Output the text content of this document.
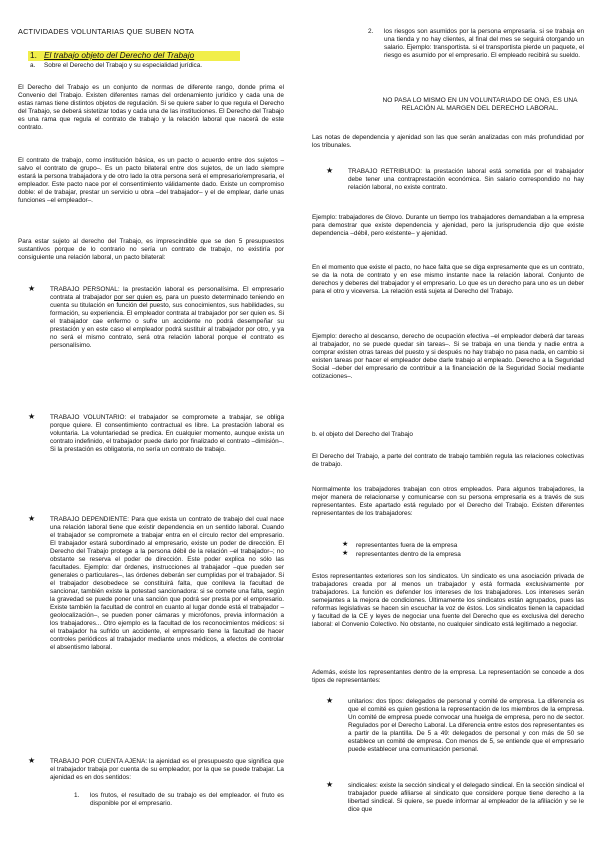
ACTIVIDADES VOLUNTARIAS QUE SUBEN NOTA
1. El trabajo objeto del Derecho del Trabajo
a. Sobre el Derecho del Trabajo y su especialidad jurídica.

El Derecho del Trabajo es un conjunto de normas de diferente rango, donde prima el Convenio del Trabajo. Existen diferentes ramas del ordenamiento jurídico y cada una de estas ramas tiene distintos objetos de regulación. Si se quiere saber lo que regula el Derecho del Trabajo, se deberá sistetizar todas y cada una de las instituciones. El Derecho del Trabajo es una rama que regula el contrato de trabajo y la relación laboral que nacerá de este contrato.

El contrato de trabajo, como institución básica, es un pacto o acuerdo entre dos sujetos –salvo el contrato de grupo–. Es un pacto bilateral entre dos sujetos, de un lado siempre estará la persona trabajadora y de otro lado la otra persona será el empresario/empresaria, el empleador. Este pacto nace por el consentimiento válidamente dado. Existe un compromiso doble: el de trabajar, prestar un servicio u obra –del trabajador– y el de emplear, darle unas funciones –el empleador–.

Para estar sujeto al derecho del Trabajo, es imprescindible que se den 5 presupuestos sustantivos porque de lo contrario no sería un contrato de trabajo, no existiría por consiguiente una relación laboral, un pacto bilateral:

★ TRABAJO PERSONAL: la prestación laboral es personalísima. El empresario contrata al trabajador por ser quien es, para un puesto determinado teniendo en cuenta su titulación en función del puesto, sus conocimientos, sus habilidades, su formación, su experiencia. El empleador contrata al trabajador por ser quien es. Si el trabajador cae enfermo o sufre un accidente no podrá desempeñar su prestación y en este caso el empleador podrá sustituir al trabajador por otro, y ya no será el mismo contrato, será otra relación laboral porque el contrato es personalísimo.

★ TRABAJO VOLUNTARIO: el trabajador se compromete a trabajar, se obliga porque quiere. El consentimiento contractual es libre. La prestación laboral es voluntaria. La voluntariedad se predica. En cualquier momento, aunque exista un contrato indefinido, el trabajador puede darlo por finalizado el contrato –dimisión–. Si la prestación es obligatoria, no sería un contrato de trabajo.

★ TRABAJO DEPENDIENTE: Para que exista un contrato de trabajo del cual nace una relación laboral tiene que existir dependencia en un sentido laboral. Cuando el trabajador se compromete a trabajar entra en el círculo rector del empresario. El trabajador estará subordinado al empresario, existe un poder de dirección. El Derecho del Trabajo protege a la persona débil de la relación –el trabajador–; no obstante se reserva el poder de dirección. Este poder explica no sólo las facultades. Ejemplo: dar órdenes, instrucciones al trabajador –que pueden ser generales o particulares–, las órdenes deberán ser cumplidas por el trabajador. Si el trabajador desobedece se constituirá falta, que conlleva la facultad de sancionar, también existe la potestad sancionadora: si se comete una falta, según la gravedad se puede poner una sanción que podrá ser presta por el empresario. Existe también la facultad de control en cuanto al lugar donde está el trabajador –geolocalización–, se pueden poner cámaras y micrófonos, previa información a los trabajadores... Otro ejemplo es la facultad de los reconocimientos médicos: si el trabajador ha sufrido un accidente, el empresario tiene la facultad de hacer controles periódicos al trabajador mediante unos médicos, a efectos de controlar el absentismo laboral.

★ TRABAJO POR CUENTA AJENA: la ajenidad es el presupuesto que significa que el trabajador trabaja por cuenta de su empleador, por la que se puede trabajar. La ajenidad es en dos sentidos:

1. los frutos, el resultado de su trabajo es del empleador. el fruto es disponible por el empresario.

2. los riesgos son asumidos por la persona empresaria. si se trabaja en una tienda y no hay clientes, al final del mes se seguirá otorgando un salario. Ejemplo: transportista. si el transportista pierde un paquete, el riesgo es asumido por el empresario. El empleado recibirá su sueldo.

NO PASA LO MISMO EN UN VOLUNTARIADO DE ONG, ES UNA RELACIÓN AL MARGEN DEL DERECHO LABORAL.

Las notas de dependencia y ajenidad son las que serán analizadas con más profundidad por los tribunales.

★ TRABAJO RETRIBUIDO: la prestación laboral está sometida por el trabajador debe tener una contraprestación económica. Sin salario correspondido no hay relación laboral, no existe contrato.

Ejemplo: trabajadores de Glovo. Durante un tiempo los trabajadores demandaban a la empresa para demostrar que existe dependencia y ajenidad, pero la jurisprudencia dijo que existe dependencia –débil, pero existente– y ajenidad.

En el momento que existe el pacto, no hace falta que se diga expresamente que es un contrato, se da la nota de contrato y en ese mismo instante nace la relación laboral. Conjunto de derechos y deberes del trabajador y el empresario. Lo que es un derecho para uno es un deber para el otro y viceversa. La relación está sujeta al Derecho del Trabajo.

Ejemplo: derecho al descanso, derecho de ocupación efectiva –el empleador deberá dar tareas al trabajador, no se puede quedar sin tareas–. Si se trabaja en una tienda y nadie entra a comprar existen otras tareas del puesto y si después no hay trabajo no pasa nada, en cambio si existen tareas por hacer el empleador debe darle trabajo al empleado. Derecho a la Seguridad Social –deber del empresario de contribuir a la financiación de la Seguridad Social mediante cotizaciones–.

b. el objeto del Derecho del Trabajo

El Derecho del Trabajo, a parte del contrato de trabajo también regula las relaciones colectivas de trabajo.

Normalmente los trabajadores trabajan con otros empleados. Para algunos trabajadores, la mejor manera de relacionarse y comunicarse con su persona empresaria es a través de sus representantes. Este apartado está regulado por el Derecho del Trabajo. Existen diferentes representantes de los trabajadores:

★ representantes fuera de la empresa

★ representantes dentro de la empresa

Estos representantes exteriores son los sindicatos. Un sindicato es una asociación privada de trabajadores creada por al menos un trabajador y está formada exclusivamente por trabajadores. La función es defender los intereses de los trabajadores. Los intereses serán semejantes a la mejora de condiciones. Últimamente los sindicatos están agrupados, pues las reformas legislativas se hacen sin escuchar la voz de éstos. Los sindicatos tienen la capacidad y facultad de la CE y leyes de negociar una fuente del Derecho que es exclusiva del derecho laboral: el Convenio Colectivo. No obstante, no cualquier sindicato está legitimado a negociar.

Además, existe los representantes dentro de la empresa. La representación se concede a dos tipos de representantes:

★ unitarios: dos tipos: delegados de personal y comité de empresa. La diferencia es que el comité es quien gestiona la representación de los miembros de la empresa. Un comité de empresa puede convocar una huelga de empresa, pero no de sector. Regulados por el Derecho Laboral. La diferencia entre estos dos representantes es a partir de la plantilla. De 5 a 49: delegados de personal y con más de 50 se establece un comité de empresa. Con menos de 5, se entiende que el empresario puede establecer una comunicación personal.

★ sindicales: existe la sección sindical y el delegado sindical. En la sección sindical el trabajador puede afiliarse al sindicato que considere porque tiene derecho a la libertad sindical. Si quiere, se puede informar al empleador de la afiliación y se le dice que
